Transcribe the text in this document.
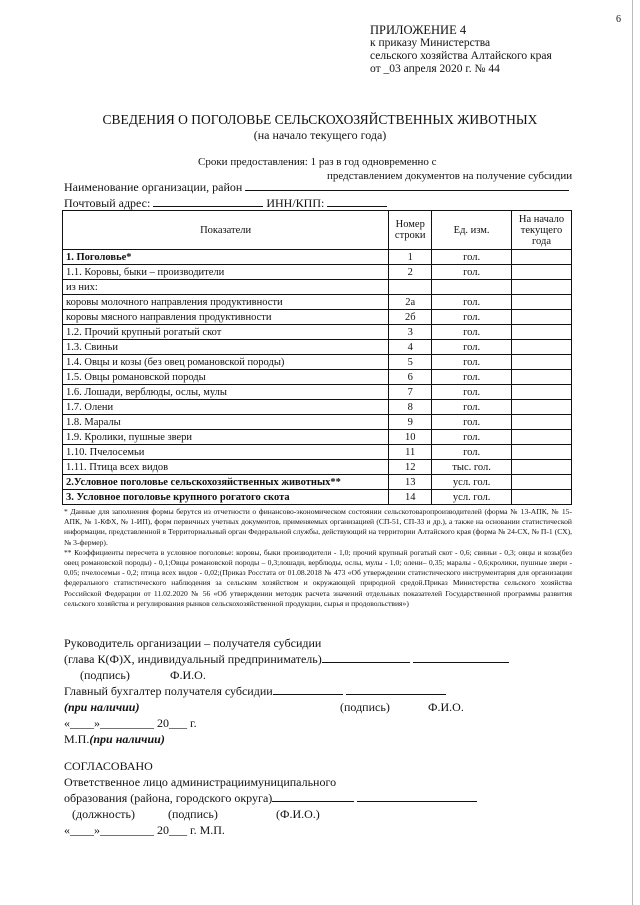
6
ПРИЛОЖЕНИЕ 4
к приказу Министерства
сельского хозяйства Алтайского края
от _03 апреля 2020 г. № 44
СВЕДЕНИЯ О ПОГОЛОВЬЕ СЕЛЬСКОХОЗЯЙСТВЕННЫХ ЖИВОТНЫХ
(на начало текущего года)
Сроки предоставления: 1 раз в год одновременно с
представлением документов на получение субсидии
Наименование организации, район
Почтовый адрес:	ИНН/КПП:
Показатели	Номер строки	Ед. изм.	На начало текущего года
1. Поголовье*	1	гол.	
1.1. Коровы, быки – производители	2	гол.	
из них:			
коровы молочного направления продуктивности	2а	гол.	
коровы мясного направления продуктивности	2б	гол.	
1.2. Прочий крупный рогатый скот	3	гол.	
1.3. Свиньи	4	гол.	
1.4. Овцы и козы (без овец романовской породы)	5	гол.	
1.5. Овцы романовской породы	6	гол.	
1.6. Лошади, верблюды, ослы, мулы	7	гол.	
1.7. Олени	8	гол.	
1.8. Маралы	9	гол.	
1.9. Кролики, пушные звери	10	гол.	
1.10. Пчелосемьи	11	гол.	
1.11. Птица всех видов	12	тыс. гол.	
2.Условное поголовье сельскохозяйственных животных**	13	усл. гол.	
3. Условное поголовье крупного рогатого скота	14	усл. гол.	
* Данные для заполнения формы берутся из отчетности о финансово-экономическом состоянии сельскотоваропроизводителей (форма № 13-АПК, № 15-АПК, № 1-КФХ, № 1-ИП), форм первичных учетных документов, применяемых организацией (СП-51, СП-33 и др.), а также на основании статистической информации, представленной в Территориальный орган Федеральной службы, действующий на территории Алтайского края (форма № 24-СХ, № П-1 (СХ), № 3-фермер).
** Коэффициенты пересчета в условное поголовье: коровы, быки производители - 1,0; прочий крупный рогатый скот - 0,6; свиньи - 0,3; овцы и козы(без овец романовской породы) - 0,1;Овцы романовской породы – 0,3;лошади, верблюды, ослы, мулы - 1,0; олени– 0,35; маралы - 0,6;кролики, пушные звери - 0,05; пчелосемьи - 0,2; птица всех видов - 0,02;(Приказ Росстата от 01.08.2018 № 473 «Об утверждении статистического инструментария для организации федерального статистического наблюдения за сельским хозяйством и окружающей природной средой.Приказ Министерства сельского хозяйства Российской Федерации от 11.02.2020 № 56 «Об утверждении методик расчета значений отдельных показателей Государственной программы развития сельского хозяйства и регулирования рынков сельскохозяйственной продукции, сырья и продовольствия»)
Руководитель организации – получателя субсидии
(глава К(Ф)Х, индивидуальный предприниматель)
(подпись)	Ф.И.О.
Главный бухгалтер получателя субсидии
(при наличии)	(подпись)	Ф.И.О.
«____»_________ 20___ г.
М.П.(при наличии)
СОГЛАСОВАНО
Ответственное лицо администрациимуниципального
образования (района, городского округа)
(должность)	(подпись)	(Ф.И.О.)
«____»_________ 20___ г. М.П.
